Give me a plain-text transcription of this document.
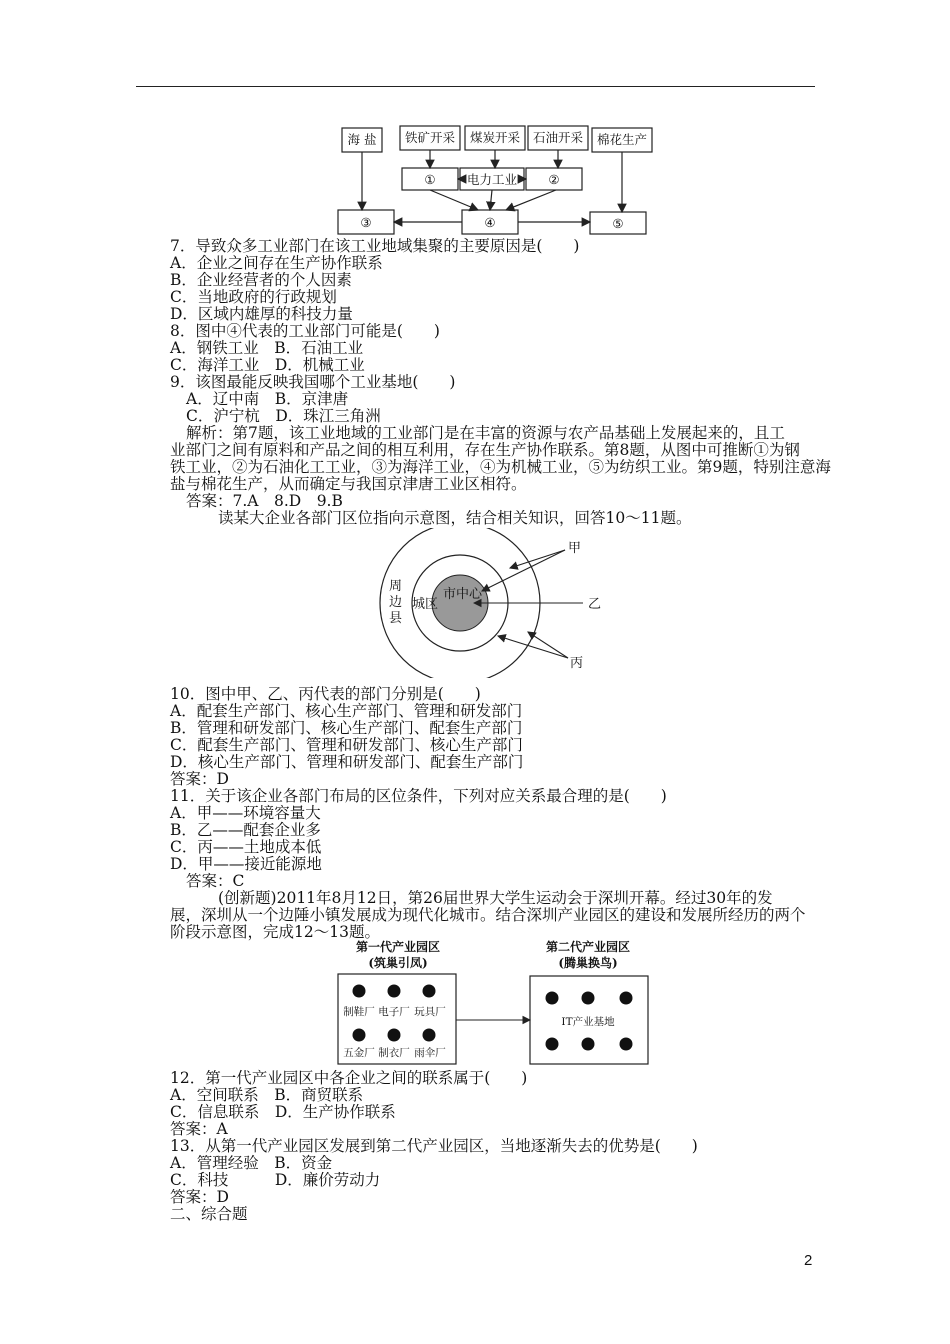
海 盐 铁矿开采 煤炭开采 石油开采 棉花生产
①	电力工业	②
③	④	⑤
7．导致众多工业部门在该工业地域集聚的主要原因是(　　)
A．企业之间存在生产协作联系
B．企业经营者的个人因素
C．当地政府的行政规划
D．区域内雄厚的科技力量
8．图中④代表的工业部门可能是(　　)
A．钢铁工业　B．石油工业
C．海洋工业　D．机械工业
9．该图最能反映我国哪个工业基地(　　)
A．辽中南　B．京津唐
C．沪宁杭　D．珠江三角洲

解析：第7题，该工业地域的工业部门是在丰富的资源与农产品基础上发展起来的，且工

业部门之间有原料和产品之间的相互利用，存在生产协作联系。第8题，从图中可推断①为钢

铁工业，②为石油化工工业，③为海洋工业，④为机械工业，⑤为纺织工业。第9题，特别注意海

盐与棉花生产，从而确定与我国京津唐工业区相符。

答案：7.A　8.D　9.B
读某大企业各部门区位指向示意图，结合相关知识，回答10～11题。
市中心
城区
周
边
县
甲
乙
丙
10．图中甲、乙、丙代表的部门分别是(　　)
A．配套生产部门、核心生产部门、管理和研发部门
B．管理和研发部门、核心生产部门、配套生产部门
C．配套生产部门、管理和研发部门、核心生产部门
D．核心生产部门、管理和研发部门、配套生产部门
答案：D
11．关于该企业各部门布局的区位条件，下列对应关系最合理的是(　　)
A．甲——环境容量大
B．乙——配套企业多
C．丙——土地成本低
D．甲——接近能源地
答案：C

(创新题)2011年8月12日，第26届世界大学生运动会于深圳开幕。经过30年的发

展，深圳从一个边陲小镇发展成为现代化城市。结合深圳产业园区的建设和发展所经历的两个

阶段示意图，完成12～13题。

第一代产业园区
(筑巢引凤)
第二代产业园区
(腾巢换鸟)
制鞋厂 电子厂 玩具厂
五金厂 制衣厂 雨伞厂
IT产业基地
12．第一代产业园区中各企业之间的联系属于(　　)
A．空间联系　B．商贸联系
C．信息联系　D．生产协作联系
答案：A
13．从第一代产业园区发展到第二代产业园区，当地逐渐失去的优势是(　　)
A．管理经验　B．资金
C．科技　　　D．廉价劳动力
答案：D
二、综合题
2
